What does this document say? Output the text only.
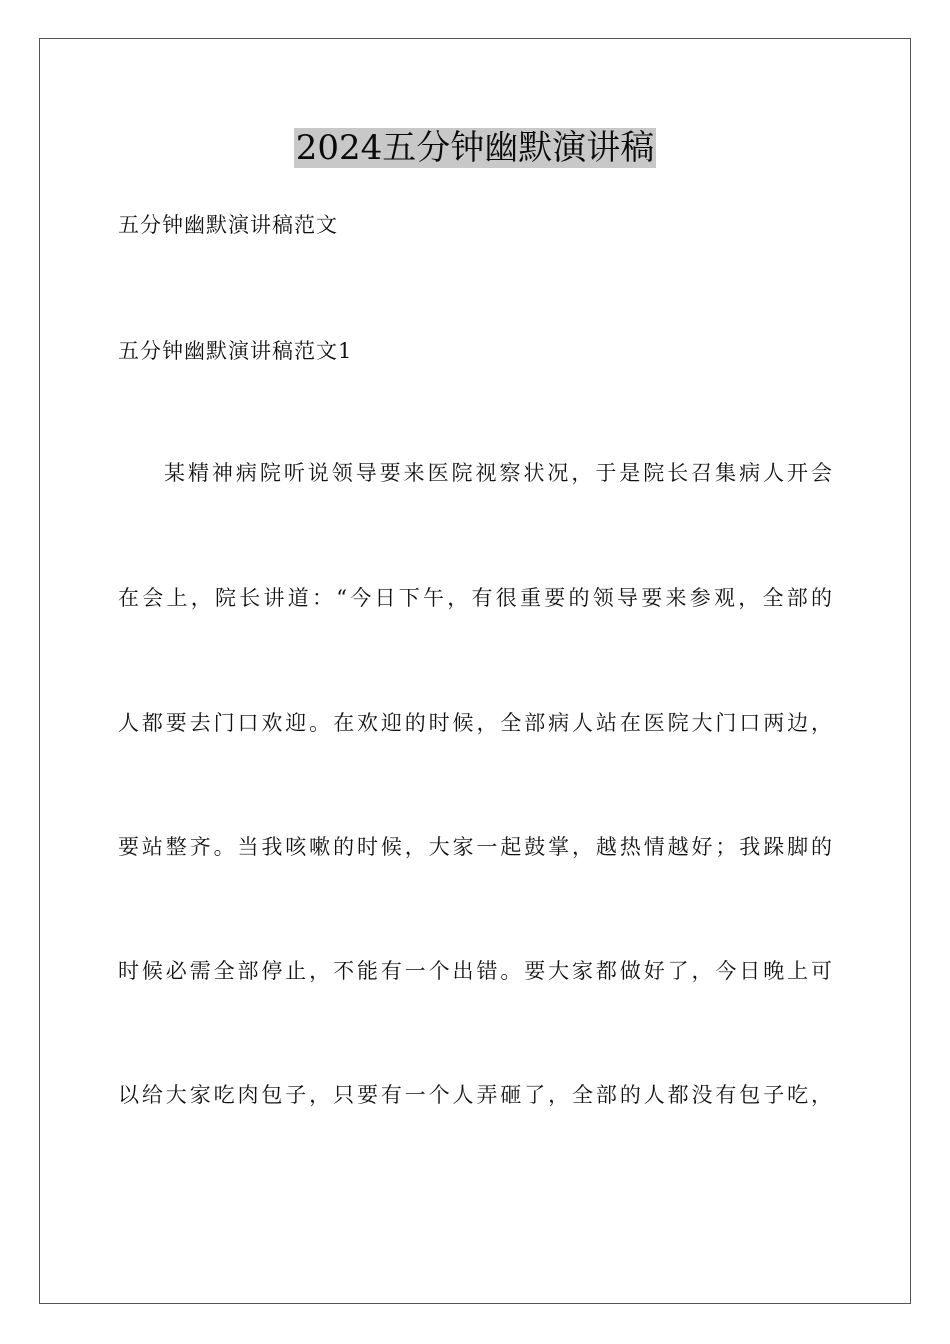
2024五分钟幽默演讲稿
五分钟幽默演讲稿范文
五分钟幽默演讲稿范文1
某精神病院听说领导要来医院视察状况，于是院长召集病人开会
在会上，院长讲道：“今日下午，有很重要的领导要来参观，全部的
人都要去门口欢迎。在欢迎的时候，全部病人站在医院大门口两边，
要站整齐。当我咳嗽的时候，大家一起鼓掌，越热情越好；我跺脚的
时候必需全部停止，不能有一个出错。要大家都做好了，今日晚上可
以给大家吃肉包子，只要有一个人弄砸了，全部的人都没有包子吃，
